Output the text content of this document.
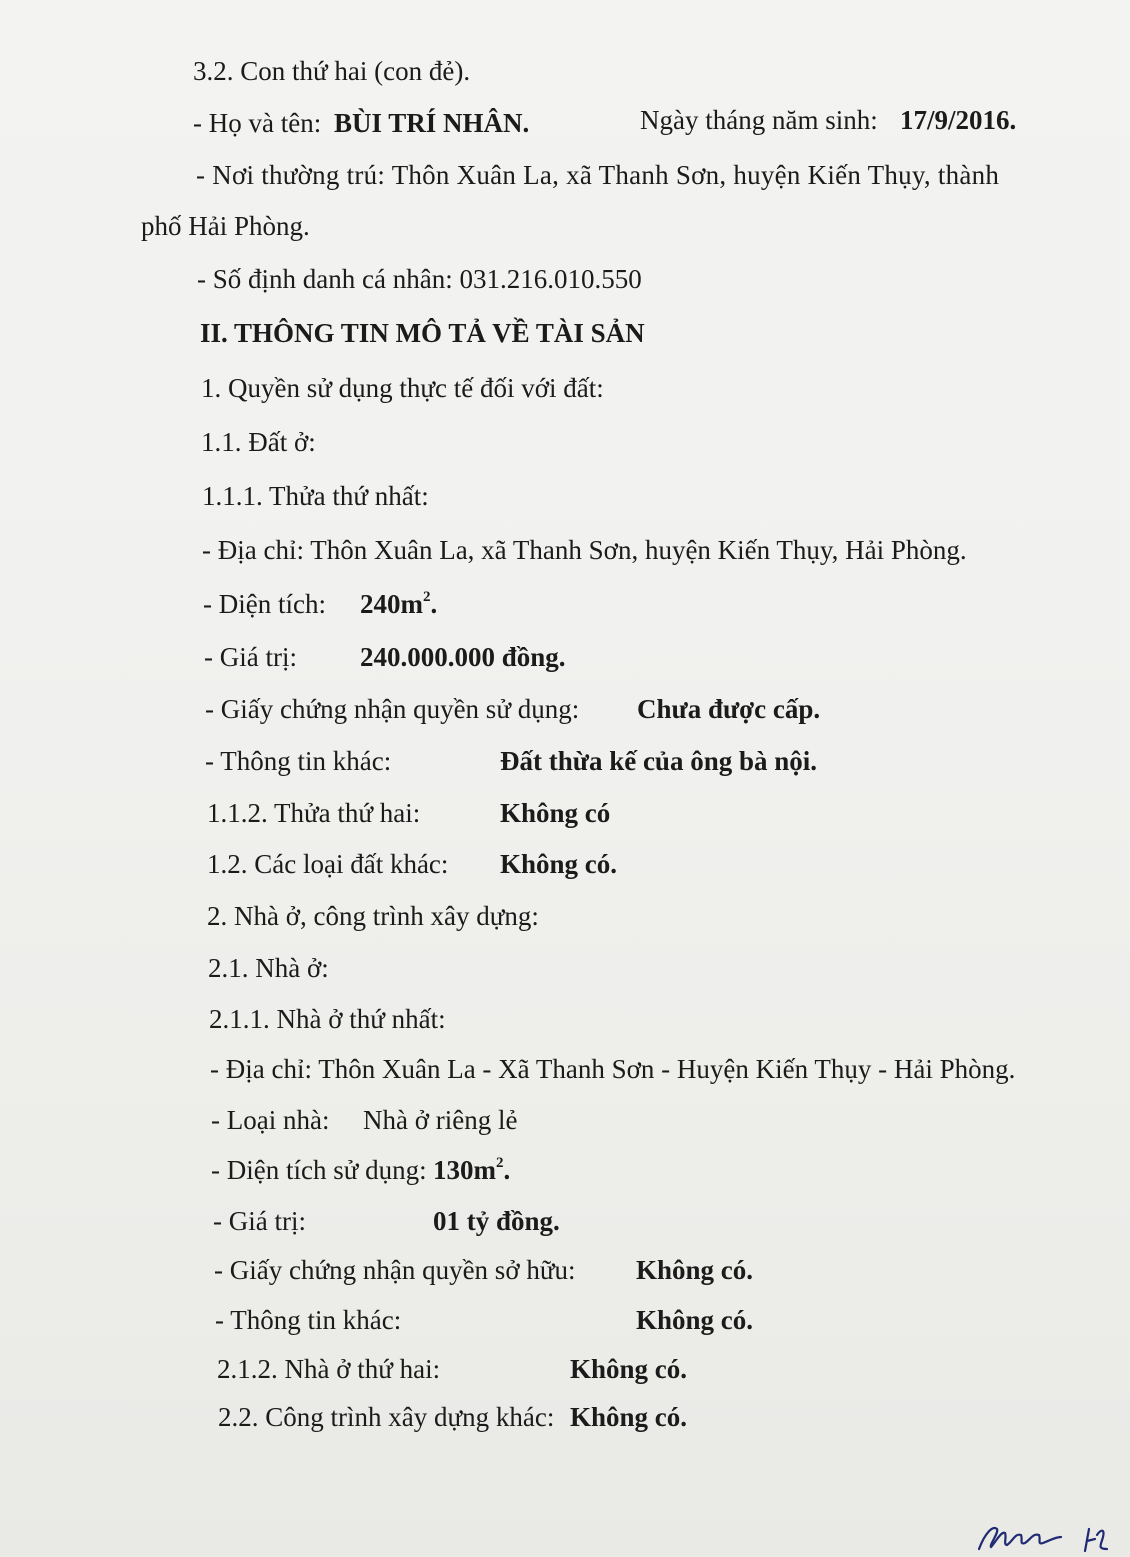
3.2. Con thứ hai (con đẻ).
- Họ và tên: BÙI TRÍ NHÂN.	Ngày tháng năm sinh: 17/9/2016.
- Nơi thường trú: Thôn Xuân La, xã Thanh Sơn, huyện Kiến Thụy, thành
phố Hải Phòng.
- Số định danh cá nhân: 031.216.010.550
II. THÔNG TIN MÔ TẢ VỀ TÀI SẢN
1. Quyền sử dụng thực tế đối với đất:
1.1. Đất ở:
1.1.1. Thửa thứ nhất:
- Địa chỉ: Thôn Xuân La, xã Thanh Sơn, huyện Kiến Thụy, Hải Phòng.
- Diện tích: $240m^2$.
- Giá trị: 240.000.000 đồng.
- Giấy chứng nhận quyền sử dụng: Chưa được cấp.
- Thông tin khác:	Đất thừa kế của ông bà nội.
1.1.2. Thửa thứ hai:	Không có
1.2. Các loại đất khác: Không có.
2. Nhà ở, công trình xây dựng:
2.1. Nhà ở:
2.1.1. Nhà ở thứ nhất:
- Địa chỉ: Thôn Xuân La - Xã Thanh Sơn - Huyện Kiến Thụy - Hải Phòng.
- Loại nhà: Nhà ở riêng lẻ
- Diện tích sử dụng: $130m^2$.
- Giá trị:	01 tỷ đồng.
- Giấy chứng nhận quyền sở hữu: Không có.
- Thông tin khác:	Không có.
2.1.2. Nhà ở thứ hai:	Không có.
2.2. Công trình xây dựng khác: Không có.
